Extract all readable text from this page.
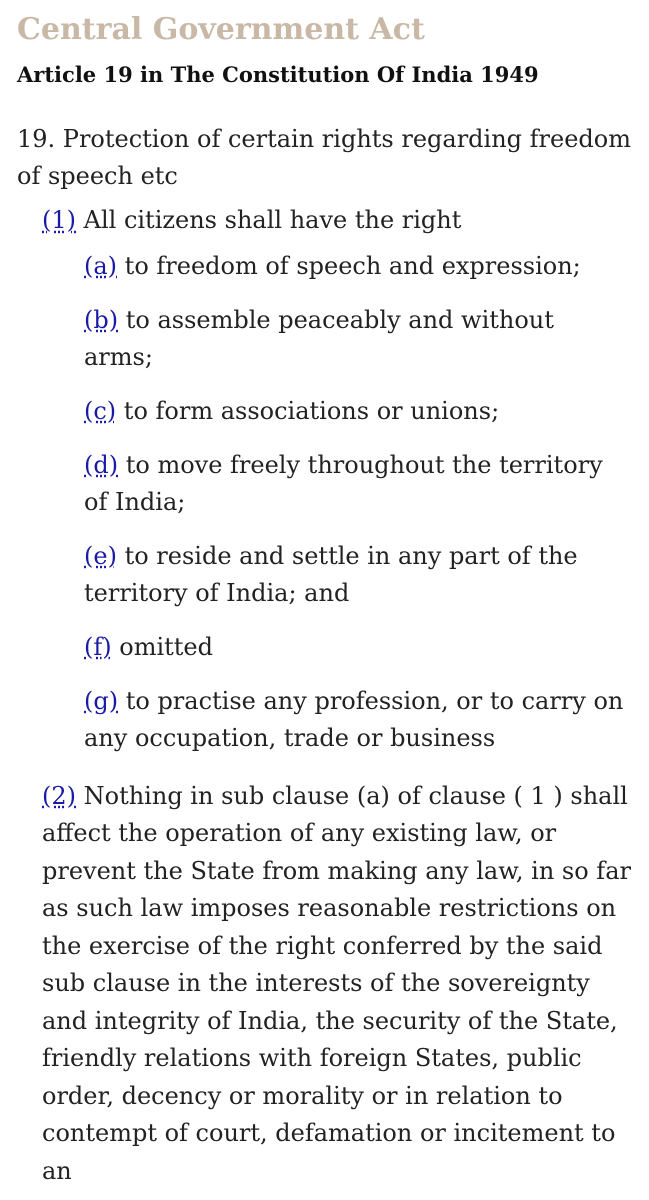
Central Government Act
Article 19 in The Constitution Of India 1949
19. Protection of certain rights regarding freedom of speech etc
(1) All citizens shall have the right
(a) to freedom of speech and expression;
(b) to assemble peaceably and without arms;
(c) to form associations or unions;
(d) to move freely throughout the territory of India;
(e) to reside and settle in any part of the territory of India; and
(f) omitted
(g) to practise any profession, or to carry on any occupation, trade or business
(2) Nothing in sub clause (a) of clause ( 1 ) shall affect the operation of any existing law, or prevent the State from making any law, in so far as such law imposes reasonable restrictions on the exercise of the right conferred by the said sub clause in the interests of the sovereignty and integrity of India, the security of the State, friendly relations with foreign States, public order, decency or morality or in relation to contempt of court, defamation or incitement to an
